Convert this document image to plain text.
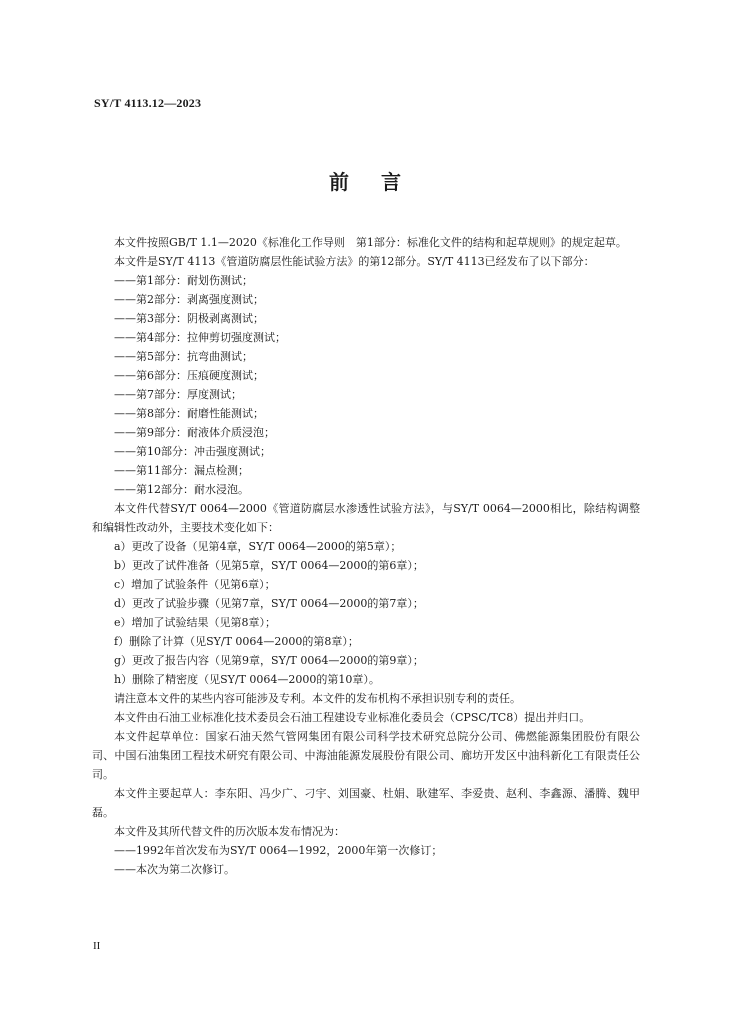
SY/T 4113.12—2023
前言

本文件按照GB/T 1.1—2020《标准化工作导则　第1部分：标准化文件的结构和起草规则》的规定起草。

本文件是SY/T 4113《管道防腐层性能试验方法》的第12部分。SY/T 4113已经发布了以下部分：

——第1部分：耐划伤测试；
——第2部分：剥离强度测试；
——第3部分：阴极剥离测试；
——第4部分：拉伸剪切强度测试；
——第5部分：抗弯曲测试；
——第6部分：压痕硬度测试；
——第7部分：厚度测试；
——第8部分：耐磨性能测试；
——第9部分：耐液体介质浸泡；
——第10部分：冲击强度测试；
——第11部分：漏点检测；
——第12部分：耐水浸泡。

本文件代替SY/T 0064—2000《管道防腐层水渗透性试验方法》，与SY/T 0064—2000相比，除结构调整和编辑性改动外，主要技术变化如下：

a）更改了设备（见第4章，SY/T 0064—2000的第5章）；
b）更改了试件准备（见第5章，SY/T 0064—2000的第6章）；
c）增加了试验条件（见第6章）；
d）更改了试验步骤（见第7章，SY/T 0064—2000的第7章）；
e）增加了试验结果（见第8章）；
f）删除了计算（见SY/T 0064—2000的第8章）；
g）更改了报告内容（见第9章，SY/T 0064—2000的第9章）；
h）删除了精密度（见SY/T 0064—2000的第10章）。

请注意本文件的某些内容可能涉及专利。本文件的发布机构不承担识别专利的责任。

本文件由石油工业标准化技术委员会石油工程建设专业标准化委员会（CPSC/TC8）提出并归口。

本文件起草单位：国家石油天然气管网集团有限公司科学技术研究总院分公司、佛燃能源集团股份有限公司、中国石油集团工程技术研究有限公司、中海油能源发展股份有限公司、廊坊开发区中油科新化工有限责任公司。

本文件主要起草人：李东阳、冯少广、刁宇、刘国豪、杜娟、耿建军、李爱贵、赵利、李鑫源、潘腾、魏甲磊。

本文件及其所代替文件的历次版本发布情况为：

——1992年首次发布为SY/T 0064—1992，2000年第一次修订；
——本次为第二次修订。
II
